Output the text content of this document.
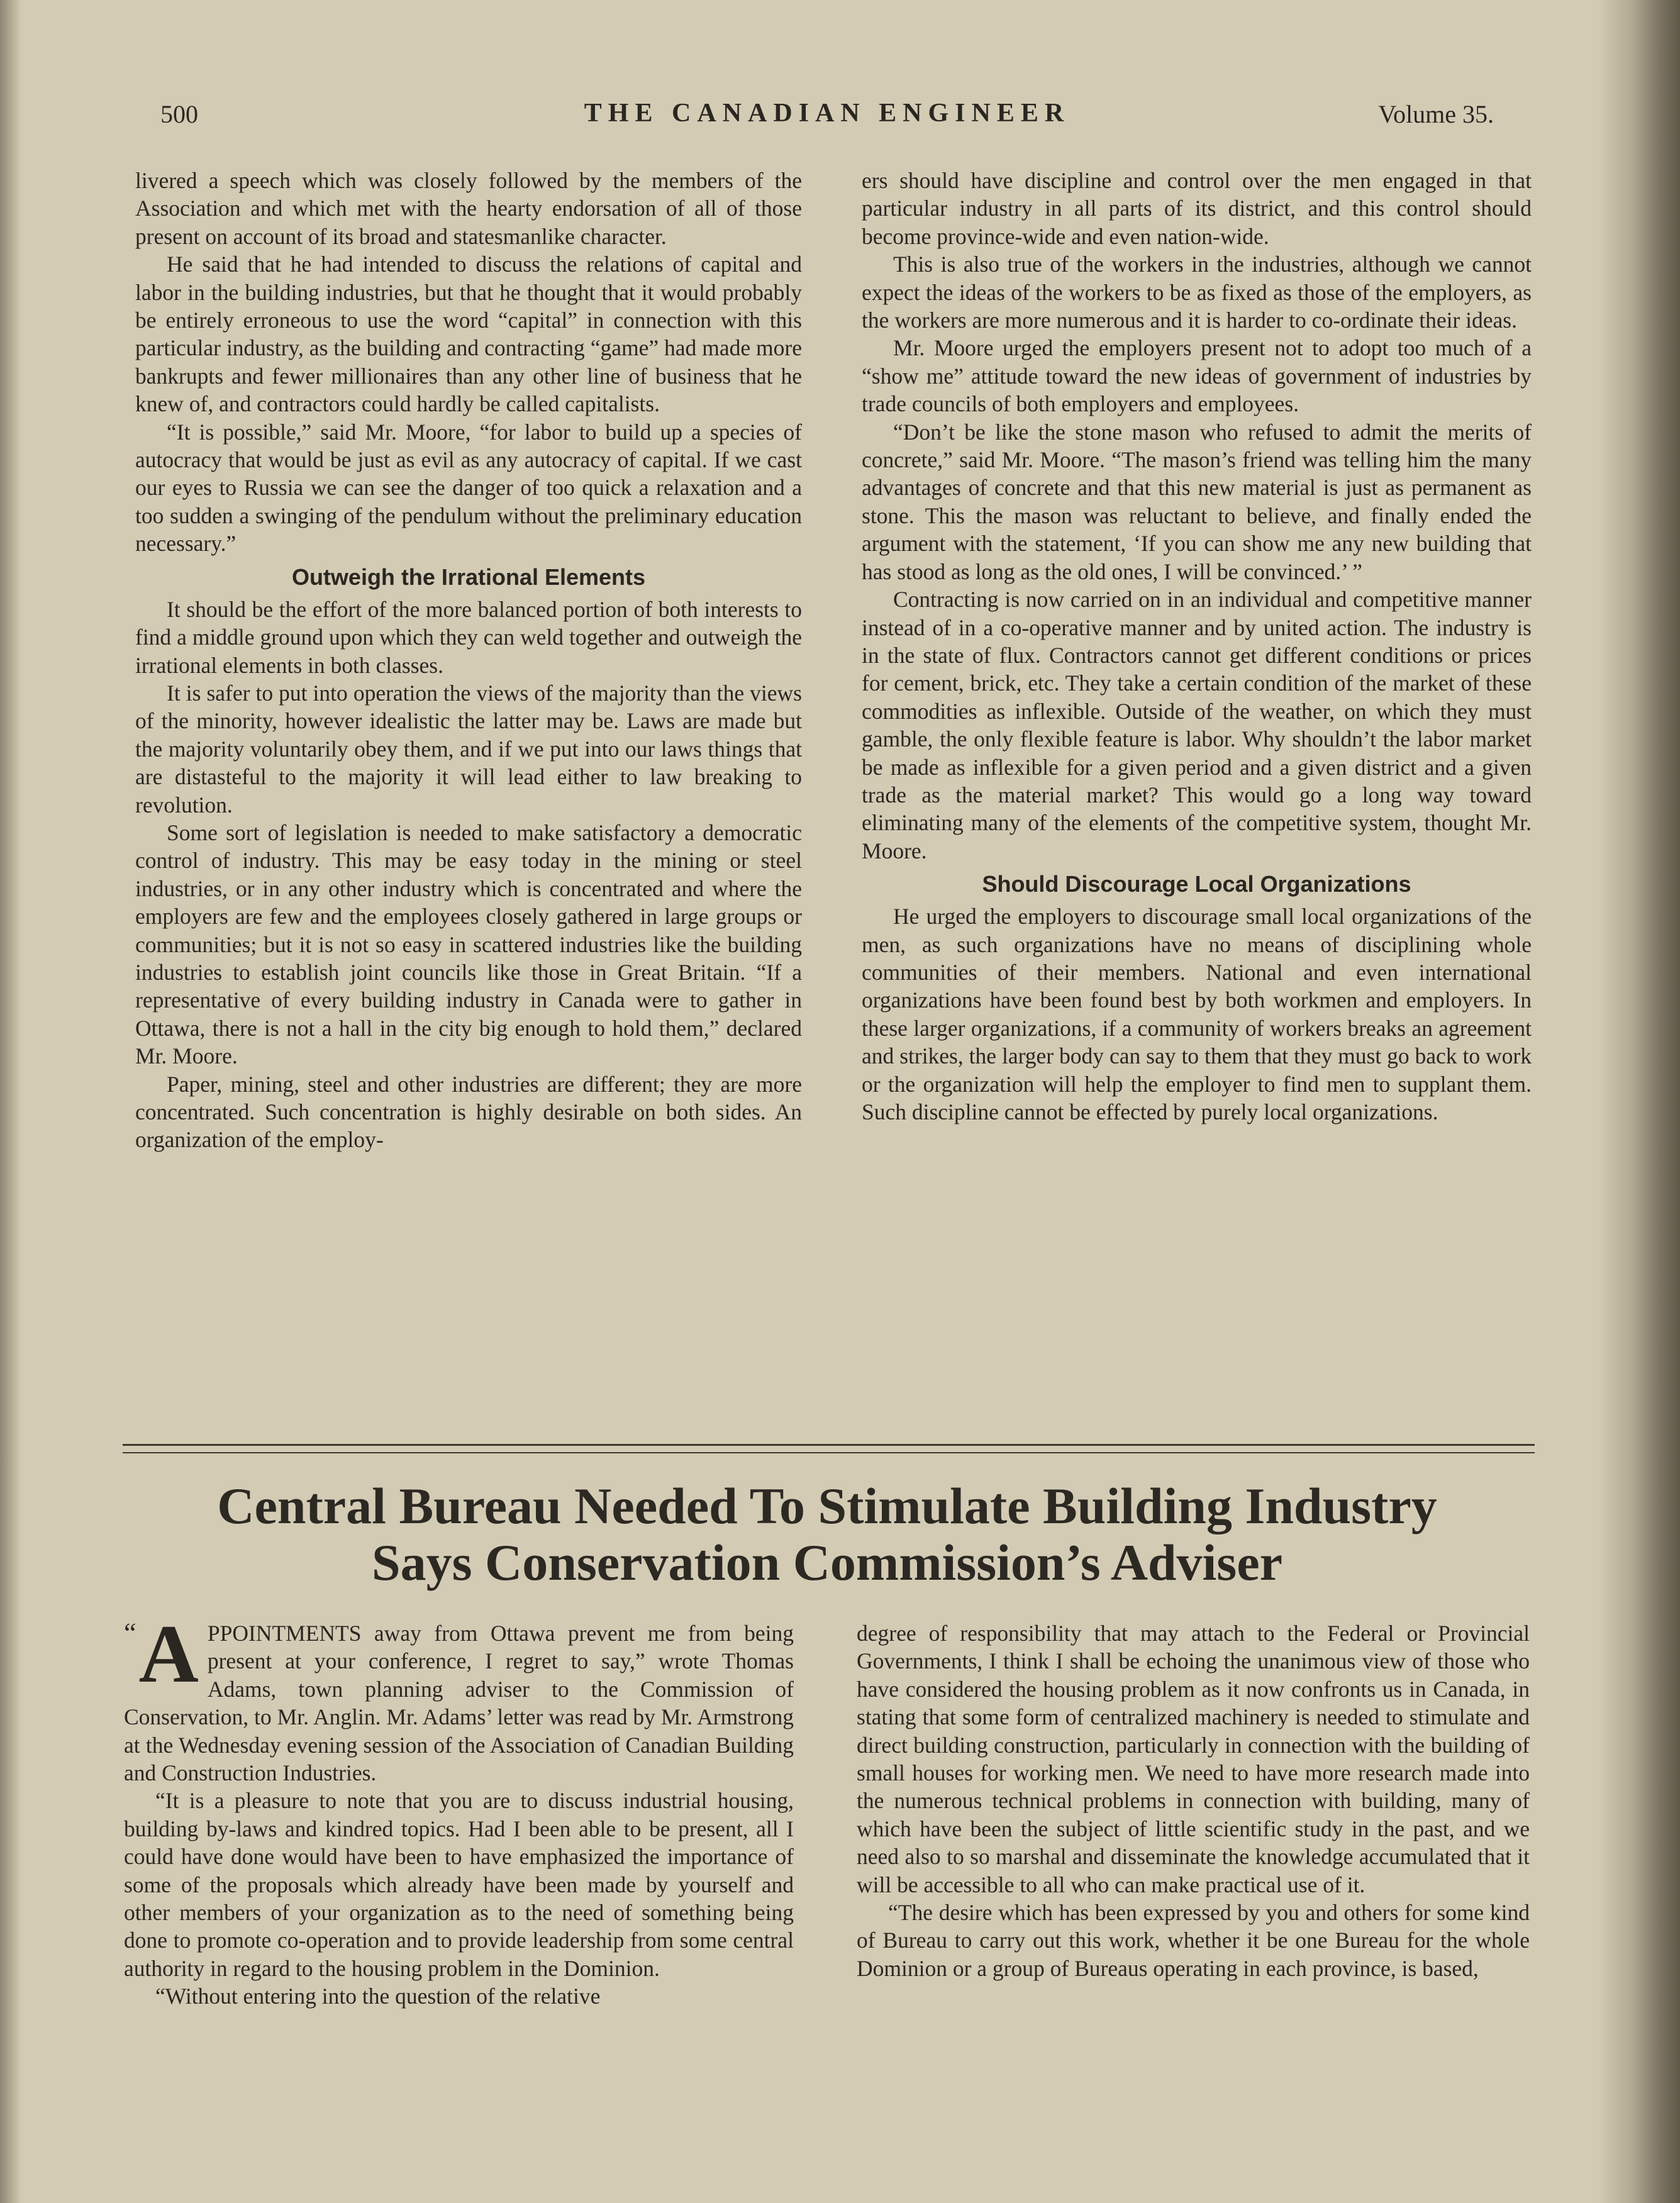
500	THE CANADIAN ENGINEER	Volume 35.

livered a speech which was closely followed by the members of the Association and which met with the hearty endorsation of all of those present on account of its broad and statesmanlike character.

He said that he had intended to discuss the relations of capital and labor in the building industries, but that he thought that it would probably be entirely erroneous to use the word “capital” in connection with this particular industry, as the building and contracting “game” had made more bankrupts and fewer millionaires than any other line of business that he knew of, and contractors could hardly be called capitalists.

“It is possible,” said Mr. Moore, “for labor to build up a species of autocracy that would be just as evil as any autocracy of capital. If we cast our eyes to Russia we can see the danger of too quick a relaxation and a too sudden a swinging of the pendulum without the preliminary education necessary.”

Outweigh the Irrational Elements

It should be the effort of the more balanced portion of both interests to find a middle ground upon which they can weld together and outweigh the irrational elements in both classes.

It is safer to put into operation the views of the majority than the views of the minority, however idealistic the latter may be. Laws are made but the majority voluntarily obey them, and if we put into our laws things that are distasteful to the majority it will lead either to law breaking to revolution.

Some sort of legislation is needed to make satisfactory a democratic control of industry. This may be easy today in the mining or steel industries, or in any other industry which is concentrated and where the employers are few and the employees closely gathered in large groups or communities; but it is not so easy in scattered industries like the building industries to establish joint councils like those in Great Britain. “If a representative of every building industry in Canada were to gather in Ottawa, there is not a hall in the city big enough to hold them,” declared Mr. Moore.

Paper, mining, steel and other industries are different; they are more concentrated. Such concentration is highly desirable on both sides. An organization of the employ-

ers should have discipline and control over the men engaged in that particular industry in all parts of its district, and this control should become province-wide and even nation-wide.

This is also true of the workers in the industries, although we cannot expect the ideas of the workers to be as fixed as those of the employers, as the workers are more numerous and it is harder to co-ordinate their ideas.

Mr. Moore urged the employers present not to adopt too much of a “show me” attitude toward the new ideas of government of industries by trade councils of both employers and employees.

“Don’t be like the stone mason who refused to admit the merits of concrete,” said Mr. Moore. “The mason’s friend was telling him the many advantages of concrete and that this new material is just as permanent as stone. This the mason was reluctant to believe, and finally ended the argument with the statement, ‘If you can show me any new building that has stood as long as the old ones, I will be convinced.’ ”

Contracting is now carried on in an individual and competitive manner instead of in a co-operative manner and by united action. The industry is in the state of flux. Contractors cannot get different conditions or prices for cement, brick, etc. They take a certain condition of the market of these commodities as inflexible. Outside of the weather, on which they must gamble, the only flexible feature is labor. Why shouldn’t the labor market be made as inflexible for a given period and a given district and a given trade as the material market? This would go a long way toward eliminating many of the elements of the competitive system, thought Mr. Moore.

Should Discourage Local Organizations

He urged the employers to discourage small local organizations of the men, as such organizations have no means of disciplining whole communities of their members. National and even international organizations have been found best by both workmen and employers. In these larger organizations, if a community of workers breaks an agreement and strikes, the larger body can say to them that they must go back to work or the organization will help the employer to find men to supplant them. Such discipline cannot be effected by purely local organizations.

Central Bureau Needed To Stimulate Building Industry
Says Conservation Commission’s Adviser

“ A PPOINTMENTS away from Ottawa prevent me from being present at your conference, I regret to say,” wrote Thomas Adams, town planning adviser to the Commission of Conservation, to Mr. Anglin. Mr. Adams’ letter was read by Mr. Armstrong at the Wednesday evening session of the Association of Canadian Building and Construction Industries.

“It is a pleasure to note that you are to discuss industrial housing, building by-laws and kindred topics. Had I been able to be present, all I could have done would have been to have emphasized the importance of some of the proposals which already have been made by yourself and other members of your organization as to the need of something being done to promote co-operation and to provide leadership from some central authority in regard to the housing problem in the Dominion.

“Without entering into the question of the relative

degree of responsibility that may attach to the Federal or Provincial Governments, I think I shall be echoing the unanimous view of those who have considered the housing problem as it now confronts us in Canada, in stating that some form of centralized machinery is needed to stimulate and direct building construction, particularly in connection with the building of small houses for working men. We need to have more research made into the numerous technical problems in connection with building, many of which have been the subject of little scientific study in the past, and we need also to so marshal and disseminate the knowledge accumulated that it will be accessible to all who can make practical use of it.

“The desire which has been expressed by you and others for some kind of Bureau to carry out this work, whether it be one Bureau for the whole Dominion or a group of Bureaus operating in each province, is based,
